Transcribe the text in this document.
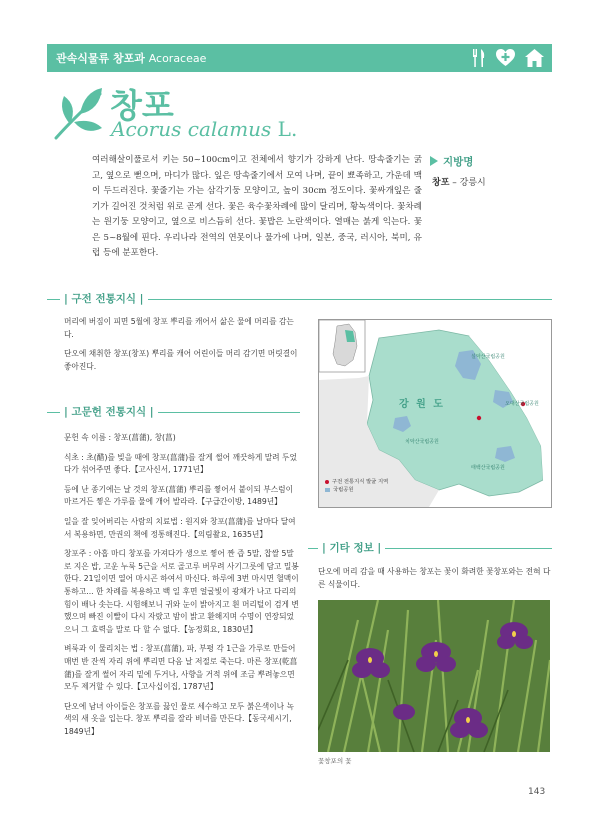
관속식물류 창포과 Acoraceae
창포
Acorus calamus L.
여러해살이풀로서 키는 50~100cm이고 전체에서 향기가 강하게 난다. 땅속줄기는 굵고, 옆으로 뻗으며, 마디가 많다. 잎은 땅속줄기에서 모여 나며, 끝이 뾰족하고, 가운데 맥이 두드러진다. 꽃줄기는 가는 삼각기둥 모양이고, 높이 30cm 정도이다. 꽃싸개잎은 줄기가 길어진 것처럼 위로 곧게 선다. 꽃은 육수꽃차례에 많이 달리며, 황녹색이다. 꽃차례는 원기둥 모양이고, 옆으로 비스듬히 선다. 꽃밥은 노란색이다. 열매는 붉게 익는다. 꽃은 5~8월에 핀다. 우리나라 전역의 연못이나 물가에 나며, 일본, 중국, 러시아, 북미, 유럽 등에 분포한다.
지방명
창포 – 강릉시
| 구전 전통지식 |

머리에 버짐이 피면 5월에 창포 뿌리를 캐어서 삶은 물에 머리를 감는다.

단오에 채취한 창포(창포) 뿌리를 캐어 어린이들 머리 감기면 머릿결이 좋아진다.

| 고문헌 전통지식 |

문헌 속 이름 : 창포(菖蒲), 창(菖)

식초 : 초(醋)를 빚을 때에 창포(菖蒲)를 잘게 썰어 깨끗하게 말려 두었다가 섞어주면 좋다.【고사신서, 1771년】

등에 난 종기에는 날 것의 창포(菖蒲) 뿌리를 찧어서 붙이되 부스럼이 마르거든 찧은 가루를 물에 개어 발라라.【구급간이방, 1489년】

일을 잘 잊어버리는 사람의 치료법 : 원지와 창포(菖蒲)를 날마다 달여서 복용하면, 만권의 책에 정통해진다.【의림촬요, 1635년】

창포주 : 아홉 마디 창포를 가져다가 생으로 찧어 짠 즙 5말, 찹쌀 5말로 지은 밥, 고운 누룩 5근을 서로 골고루 버무려 사기그릇에 담고 밀봉한다. 21일이면 열어 마시곤 하여서 마신다. 하루에 3번 마시면 혈맥이 통하고... 한 차례를 복용하고 백 일 후면 얼굴빛이 광채가 나고 다리의 힘이 배나 솟는다. 시험해보니 귀와 눈이 밝아지고 흰 머리털이 검게 변했으며 빠진 이빨이 다시 자랐고 밤이 밝고 환해지며 수명이 연장되었으니 그 효력을 말로 다 할 수 없다.【농정회요, 1830년】

벼룩과 이 물리치는 법 : 창포(菖蒲), 파, 부평 각 1근을 가루로 만들어 매번 반 잔씩 자리 위에 뿌리면 다음 날 저절로 죽는다. 마른 창포(乾菖蒲)를 잘게 썰어 자리 밑에 두거나, 사향을 거적 위에 조금 뿌려놓으면 모두 제거할 수 있다.【고사십이집, 1787년】

단오에 남녀 아이들은 창포를 끓인 물로 세수하고 모두 붉은색이나 녹색의 새 옷을 입는다. 창포 뿌리를 잘라 비녀를 만든다.【동국세시기, 1849년】

설악산국립공원
오대산국립공원
치악산국립공원
태백산국립공원
강 원 도
구전 전통지식 발굴 지역
국립공원
| 기타 정보 |

단오에 머리 감을 때 사용하는 창포는 꽃이 화려한 꽃창포와는 전혀 다른 식물이다.

꽃창포의 꽃
143
